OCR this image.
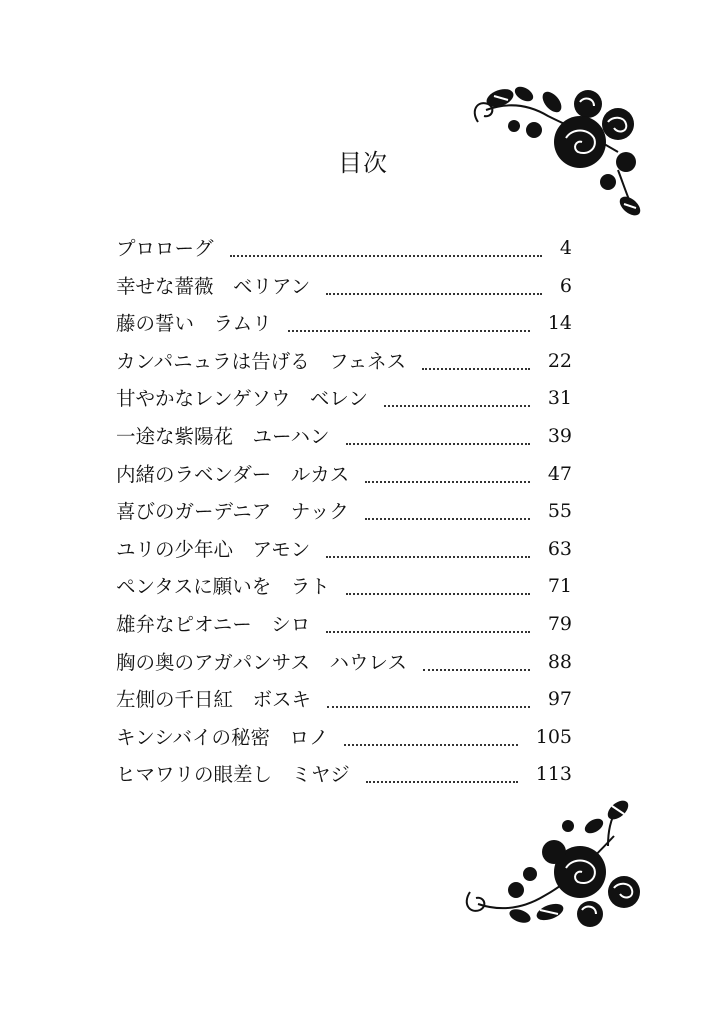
目次
プロローグ	4
幸せな薔薇　ベリアン	6
藤の誓い　ラムリ	14
カンパニュラは告げる　フェネス	22
甘やかなレンゲソウ　ベレン	31
一途な紫陽花　ユーハン	39
内緒のラベンダー　ルカス	47
喜びのガーデニア　ナック	55
ユリの少年心　アモン	63
ペンタスに願いを　ラト	71
雄弁なピオニー　シロ	79
胸の奥のアガパンサス　ハウレス	88
左側の千日紅　ボスキ	97
キンシバイの秘密　ロノ	105
ヒマワリの眼差し　ミヤジ	113
